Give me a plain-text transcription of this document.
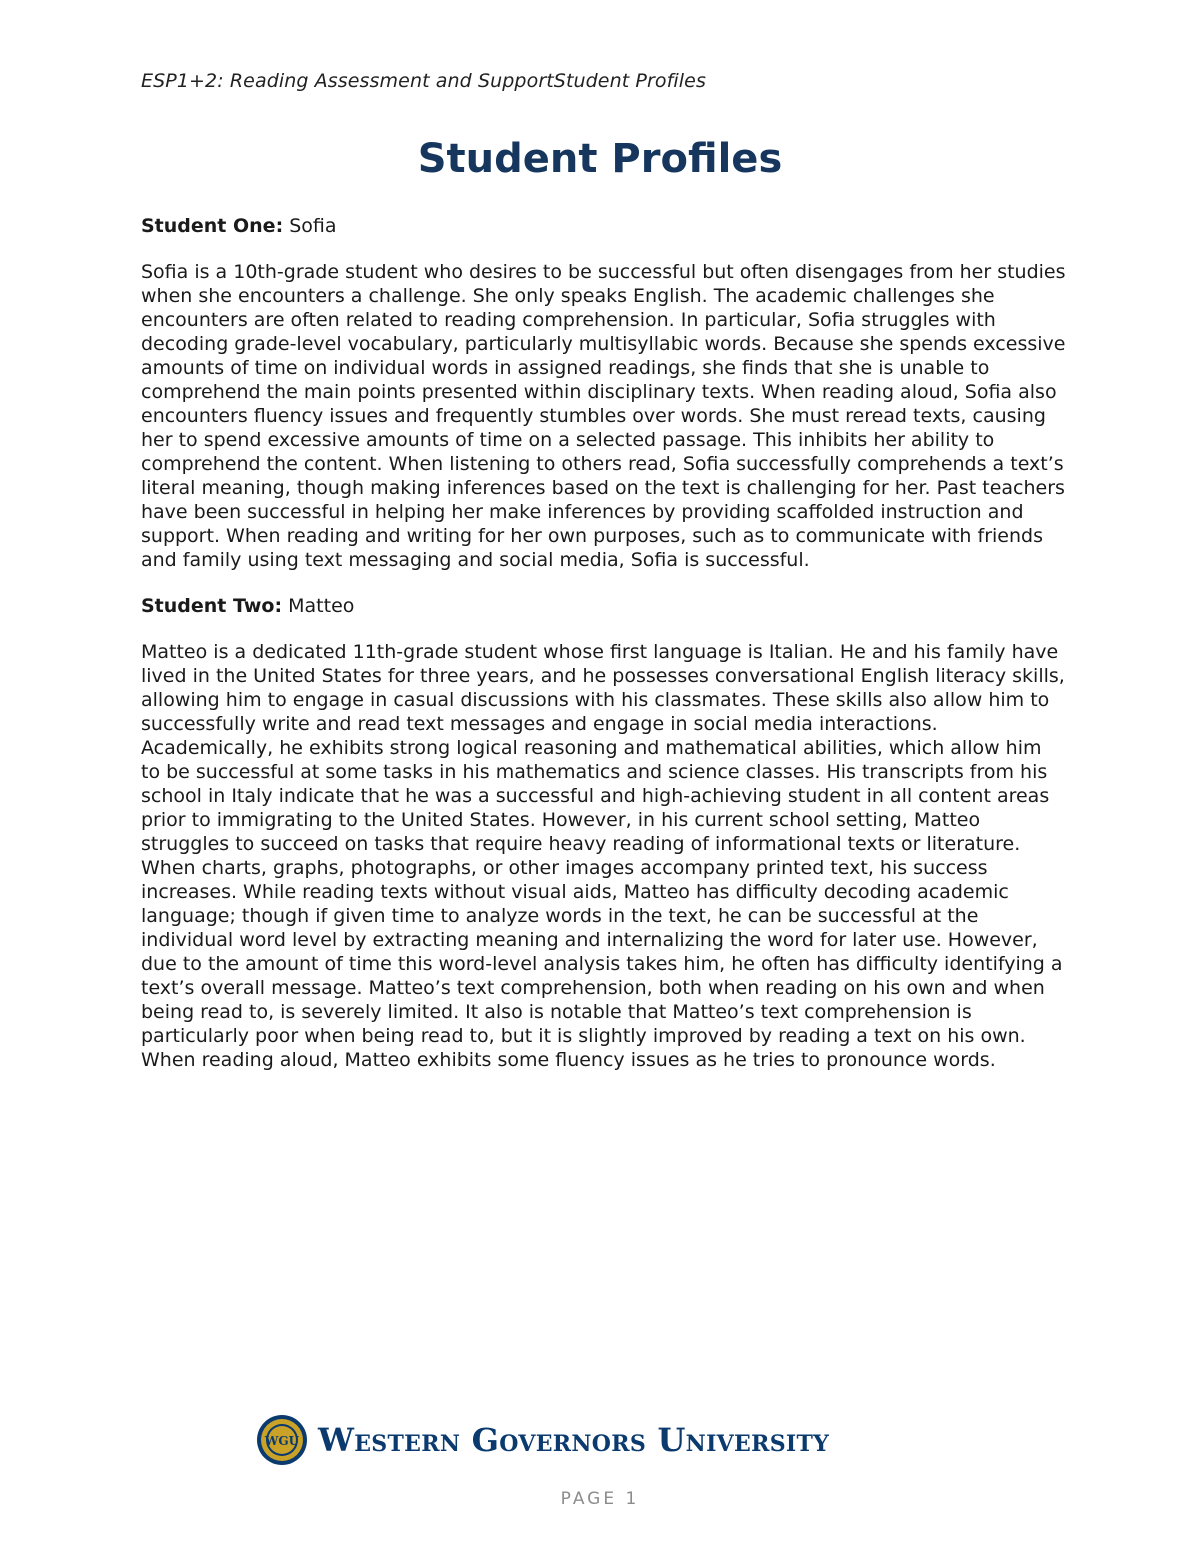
ESP1+2: Reading Assessment and SupportStudent Profiles
Student Profiles

Student One: Sofia

Sofia is a 10th-grade student who desires to be successful but often disengages from her studies when she encounters a challenge. She only speaks English. The academic challenges she encounters are often related to reading comprehension. In particular, Sofia struggles with decoding grade-level vocabulary, particularly multisyllabic words. Because she spends excessive amounts of time on individual words in assigned readings, she finds that she is unable to comprehend the main points presented within disciplinary texts. When reading aloud, Sofia also encounters fluency issues and frequently stumbles over words. She must reread texts, causing her to spend excessive amounts of time on a selected passage. This inhibits her ability to comprehend the content. When listening to others read, Sofia successfully comprehends a text’s literal meaning, though making inferences based on the text is challenging for her. Past teachers have been successful in helping her make inferences by providing scaffolded instruction and support. When reading and writing for her own purposes, such as to communicate with friends and family using text messaging and social media, Sofia is successful.

Student Two: Matteo

Matteo is a dedicated 11th-grade student whose first language is Italian. He and his family have lived in the United States for three years, and he possesses conversational English literacy skills, allowing him to engage in casual discussions with his classmates. These skills also allow him to successfully write and read text messages and engage in social media interactions. Academically, he exhibits strong logical reasoning and mathematical abilities, which allow him to be successful at some tasks in his mathematics and science classes. His transcripts from his school in Italy indicate that he was a successful and high-achieving student in all content areas prior to immigrating to the United States. However, in his current school setting, Matteo struggles to succeed on tasks that require heavy reading of informational texts or literature. When charts, graphs, photographs, or other images accompany printed text, his success increases. While reading texts without visual aids, Matteo has difficulty decoding academic language; though if given time to analyze words in the text, he can be successful at the individual word level by extracting meaning and internalizing the word for later use. However, due to the amount of time this word-level analysis takes him, he often has difficulty identifying a text’s overall message. Matteo’s text comprehension, both when reading on his own and when being read to, is severely limited. It also is notable that Matteo’s text comprehension is particularly poor when being read to, but it is slightly improved by reading a text on his own. When reading aloud, Matteo exhibits some fluency issues as he tries to pronounce words.

WGU Western Governors University
PAGE 1
